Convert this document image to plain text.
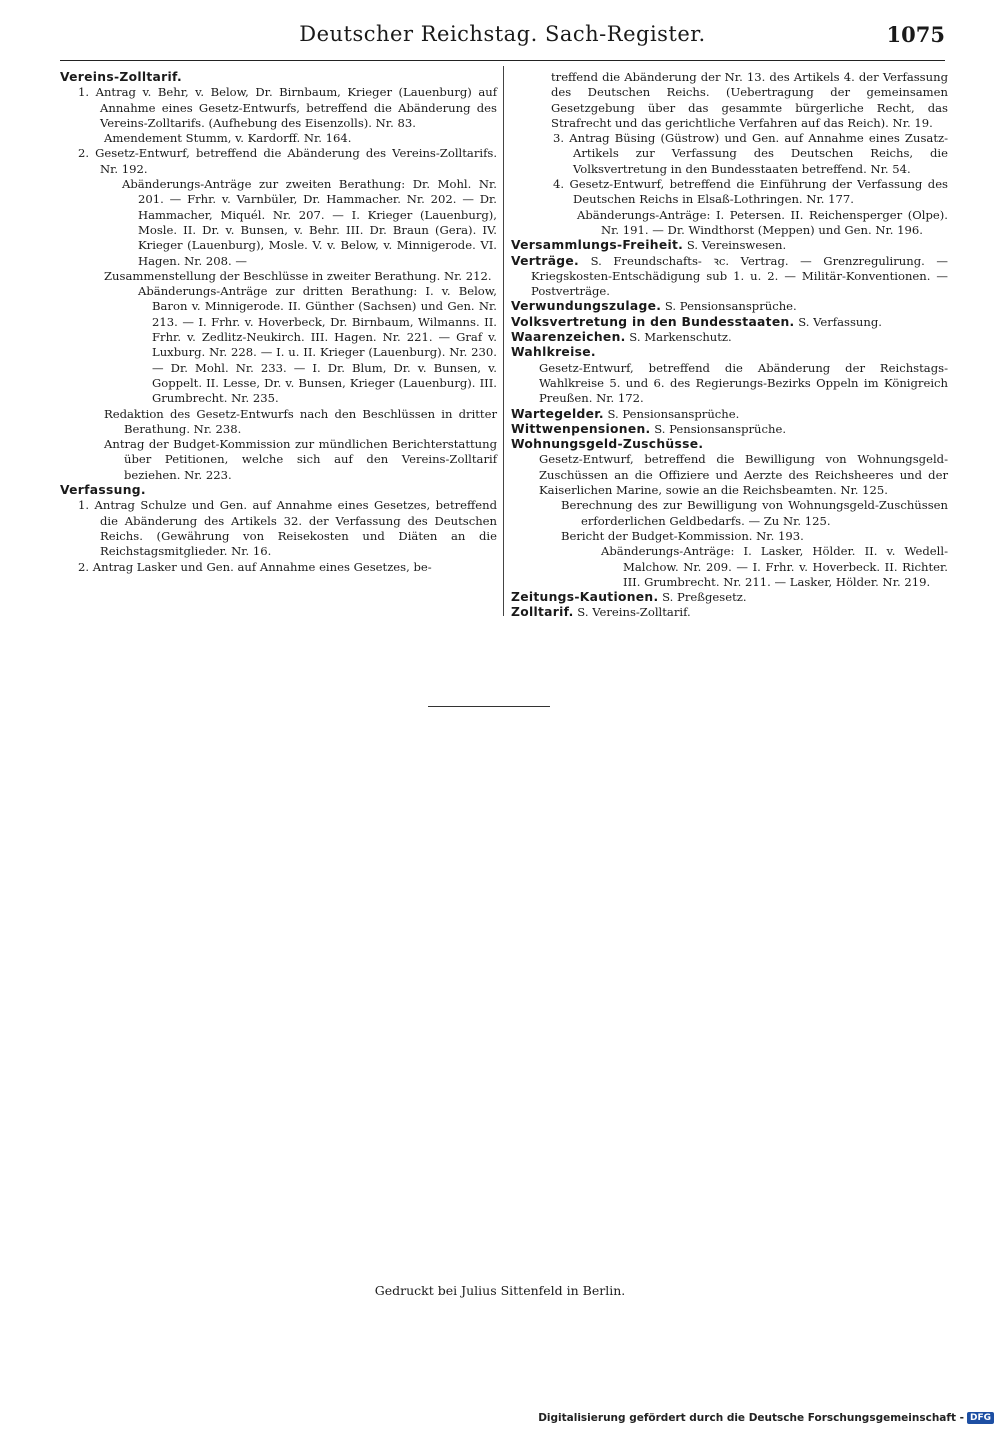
Deutscher Reichstag. Sach-Register.	1075
Vereins-Zolltarif.
1. Antrag v. Behr, v. Below, Dr. Birnbaum, Krieger (Lauenburg) auf Annahme eines Gesetz-Entwurfs, betreffend die Abänderung des Vereins-Zolltarifs. (Aufhebung des Eisenzolls). Nr. 83.
Amendement Stumm, v. Kardorff. Nr. 164.
2. Gesetz-Entwurf, betreffend die Abänderung des Vereins-Zolltarifs. Nr. 192.
Abänderungs-Anträge zur zweiten Berathung: Dr. Mohl. Nr. 201. — Frhr. v. Varnbüler, Dr. Hammacher. Nr. 202. — Dr. Hammacher, Miquél. Nr. 207. — I. Krieger (Lauenburg), Mosle. II. Dr. v. Bunsen, v. Behr. III. Dr. Braun (Gera). IV. Krieger (Lauenburg), Mosle. V. v. Below, v. Minnigerode. VI. Hagen. Nr. 208. —
Zusammenstellung der Beschlüsse in zweiter Berathung. Nr. 212.
Abänderungs-Anträge zur dritten Berathung: I. v. Below, Baron v. Minnigerode. II. Günther (Sachsen) und Gen. Nr. 213. — I. Frhr. v. Hoverbeck, Dr. Birnbaum, Wilmanns. II. Frhr. v. Zedlitz-Neukirch. III. Hagen. Nr. 221. — Graf v. Luxburg. Nr. 228. — I. u. II. Krieger (Lauenburg). Nr. 230. — Dr. Mohl. Nr. 233. — I. Dr. Blum, Dr. v. Bunsen, v. Goppelt. II. Lesse, Dr. v. Bunsen, Krieger (Lauenburg). III. Grumbrecht. Nr. 235.
Redaktion des Gesetz-Entwurfs nach den Beschlüssen in dritter Berathung. Nr. 238.
Antrag der Budget-Kommission zur mündlichen Berichterstattung über Petitionen, welche sich auf den Vereins-Zolltarif beziehen. Nr. 223.
Verfassung.
1. Antrag Schulze und Gen. auf Annahme eines Gesetzes, betreffend die Abänderung des Artikels 32. der Verfassung des Deutschen Reichs. (Gewährung von Reisekosten und Diäten an die Reichstagsmitglieder. Nr. 16.
2. Antrag Lasker und Gen. auf Annahme eines Gesetzes, be-
treffend die Abänderung der Nr. 13. des Artikels 4. der Verfassung des Deutschen Reichs. (Uebertragung der gemeinsamen Gesetzgebung über das gesammte bürgerliche Recht, das Strafrecht und das gerichtliche Verfahren auf das Reich). Nr. 19.
3. Antrag Büsing (Güstrow) und Gen. auf Annahme eines Zusatz-Artikels zur Verfassung des Deutschen Reichs, die Volksvertretung in den Bundesstaaten betreffend. Nr. 54.
4. Gesetz-Entwurf, betreffend die Einführung der Verfassung des Deutschen Reichs in Elsaß-Lothringen. Nr. 177.
Abänderungs-Anträge: I. Petersen. II. Reichensperger (Olpe). Nr. 191. — Dr. Windthorst (Meppen) und Gen. Nr. 196.
Versammlungs-Freiheit. S. Vereinswesen.
Verträge. S. Freundschafts- ꝛc. Vertrag. — Grenzregulirung. — Kriegskosten-Entschädigung sub 1. u. 2. — Militär-Konventionen. — Postverträge.
Verwundungszulage. S. Pensionsansprüche.
Volksvertretung in den Bundesstaaten. S. Verfassung.
Waarenzeichen. S. Markenschutz.
Wahlkreise.
Gesetz-Entwurf, betreffend die Abänderung der Reichstags-Wahlkreise 5. und 6. des Regierungs-Bezirks Oppeln im Königreich Preußen. Nr. 172.
Wartegelder. S. Pensionsansprüche.
Wittwenpensionen. S. Pensionsansprüche.
Wohnungsgeld-Zuschüsse.
Gesetz-Entwurf, betreffend die Bewilligung von Wohnungsgeld-Zuschüssen an die Offiziere und Aerzte des Reichsheeres und der Kaiserlichen Marine, sowie an die Reichsbeamten. Nr. 125.
Berechnung des zur Bewilligung von Wohnungsgeld-Zuschüssen erforderlichen Geldbedarfs. — Zu Nr. 125.
Bericht der Budget-Kommission. Nr. 193.
Abänderungs-Anträge: I. Lasker, Hölder. II. v. Wedell-Malchow. Nr. 209. — I. Frhr. v. Hoverbeck. II. Richter. III. Grumbrecht. Nr. 211. — Lasker, Hölder. Nr. 219.
Zeitungs-Kautionen. S. Preßgesetz.
Zolltarif. S. Vereins-Zolltarif.
Gedruckt bei Julius Sittenfeld in Berlin.
Digitalisierung gefördert durch die Deutsche Forschungsgemeinschaft - DFG
